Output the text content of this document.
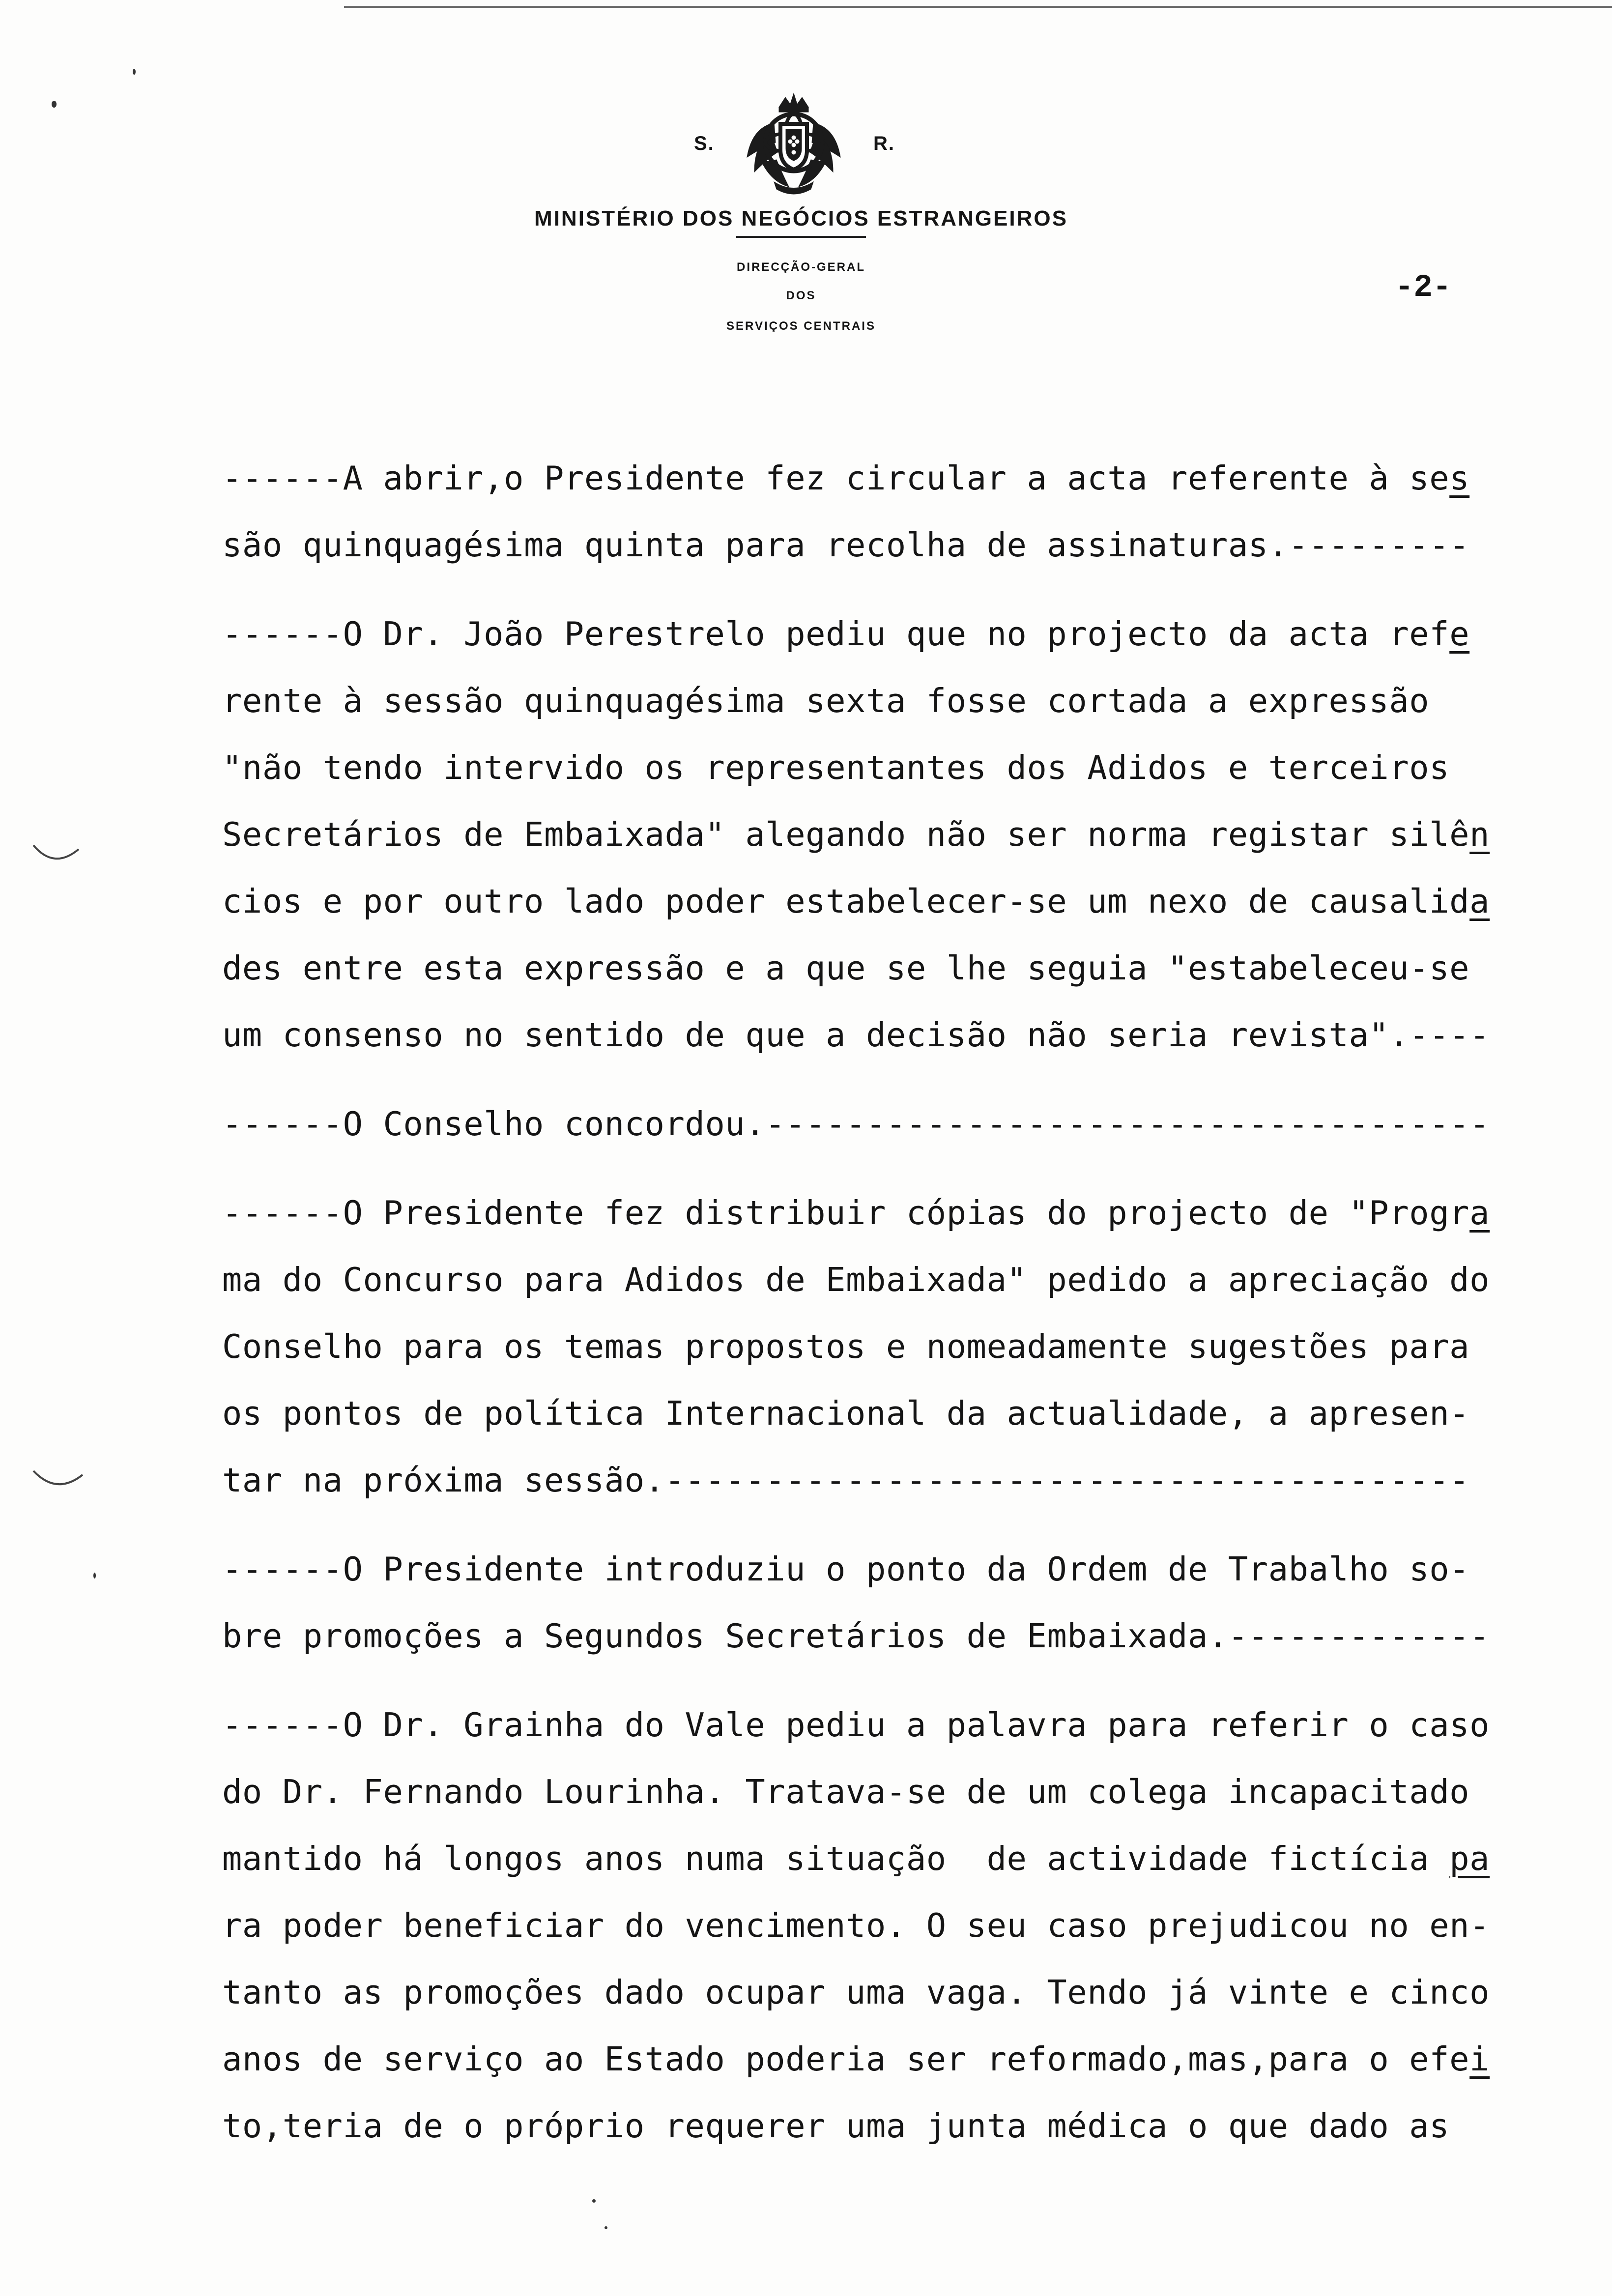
S.	R.
MINISTÉRIO DOS NEGÓCIOS ESTRANGEIROS
DIRECÇÃO-GERAL
DOS
SERVIÇOS CENTRAIS
-2-
------A abrir,o Presidente fez circular a acta referente à ses
são quinquagésima quinta para recolha de assinaturas.---------
------O Dr. João Perestrelo pediu que no projecto da acta refe
rente à sessão quinquagésima sexta fosse cortada a expressão
"não tendo intervido os representantes dos Adidos e terceiros
Secretários de Embaixada" alegando não ser norma registar silên
cios e por outro lado poder estabelecer-se um nexo de causalida
des entre esta expressão e a que se lhe seguia "estabeleceu-se
um consenso no sentido de que a decisão não seria revista".----
------O Conselho concordou.------------------------------------
------O Presidente fez distribuir cópias do projecto de "Progra
ma do Concurso para Adidos de Embaixada" pedido a apreciação do
Conselho para os temas propostos e nomeadamente sugestões para
os pontos de política Internacional da actualidade, a apresen-
tar na próxima sessão.----------------------------------------
------O Presidente introduziu o ponto da Ordem de Trabalho so-
bre promoções a Segundos Secretários de Embaixada.-------------
------O Dr. Grainha do Vale pediu a palavra para referir o caso
do Dr. Fernando Lourinha. Tratava-se de um colega incapacitado
mantido há longos anos numa situação  de actividade fictícia pa
ra poder beneficiar do vencimento. O seu caso prejudicou no en-
tanto as promoções dado ocupar uma vaga. Tendo já vinte e cinco
anos de serviço ao Estado poderia ser reformado,mas,para o efei
to,teria de o próprio requerer uma junta médica o que dado as
